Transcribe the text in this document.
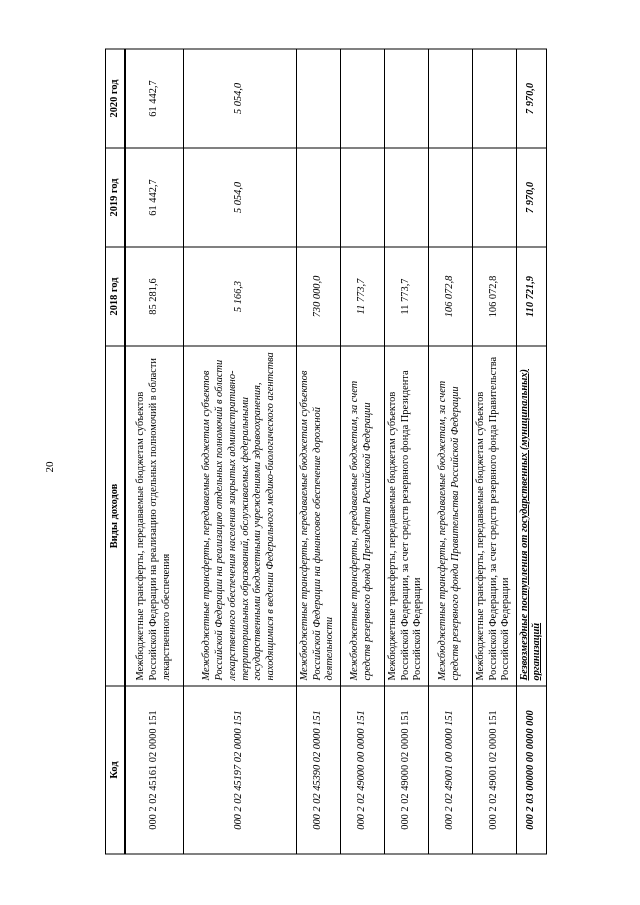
20
Код	Виды доходов	2018 год	2019 год	2020 год
000 2 02 45161 02 0000 151	Межбюджетные трансферты, передаваемые бюджетам субъектов Российской Федерации на реализацию отдельных полномочий в области лекарственного обеспечения	85 281,6	61 442,7	61 442,7
000 2 02 45197 02 0000 151	Межбюджетные трансферты, передаваемые бюджетам субъектов Российской Федерации на реализацию отдельных полномочий в области лекарственного обеспечения населения закрытых административно-территориальных образований, обслуживаемых федеральными государственными бюджетными учреждениями здравоохранения, находящимися в ведении Федерального медико-биологического агентства	5 166,3	5 054,0	5 054,0
000 2 02 45390 02 0000 151	Межбюджетные трансферты, передаваемые бюджетам субъектов Российской Федерации на финансовое обеспечение дорожной деятельности	730 000,0		
000 2 02 49000 00 0000 151	Межбюджетные трансферты, передаваемые бюджетам, за счет средств резервного фонда Президента Российской Федерации	11 773,7		
000 2 02 49000 02 0000 151	Межбюджетные трансферты, передаваемые бюджетам субъектов Российской Федерации, за счет средств резервного фонда Президента Российской Федерации	11 773,7		
000 2 02 49001 00 0000 151	Межбюджетные трансферты, передаваемые бюджетам, за счет средств резервного фонда Правительства Российской Федерации	106 072,8		
000 2 02 49001 02 0000 151	Межбюджетные трансферты, передаваемые бюджетам субъектов Российской Федерации, за счет средств резервного фонда Правительства Российской Федерации	106 072,8		
000 2 03 00000 00 0000 000	Безвозмездные поступления от государственных (муниципальных) организаций	110 721,9	7 970,0	7 970,0
